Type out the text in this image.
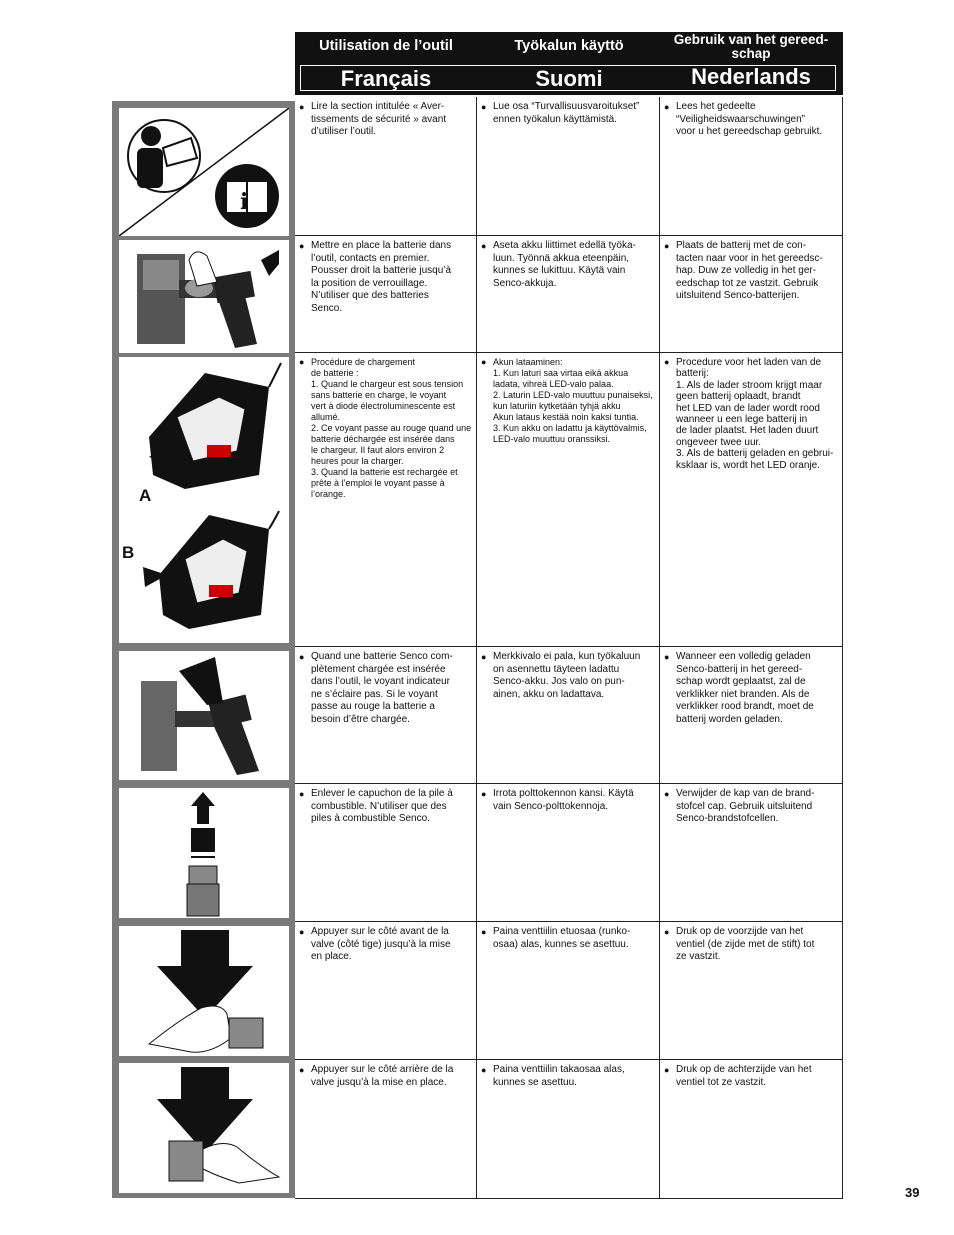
Utilisation de l’outil
Français
Työkalun käyttö
Suomi
Gebruik van het gereed-
schap
Nederlands
i
A
B
● Lire la section intitulée « Aver-
tissements de sécurité » avant
d’utiliser l’outil.
● Lue osa “Turvallisuusvaroitukset”
ennen työkalun käyttämistä.
● Lees het gedeelte
“Veiligheidswaarschuwingen”
voor u het gereedschap gebruikt.
● Mettre en place la batterie dans
l’outil, contacts en premier.
Pousser droit la batterie jusqu’à
la position de verrouillage.
N’utiliser que des batteries
Senco.
● Aseta akku liittimet edellä työka-
luun. Työnnä akkua eteenpäin,
kunnes se lukittuu. Käytä vain
Senco-akkuja.
● Plaats de batterij met de con-
tacten naar voor in het gereedsc-
hap. Duw ze volledig in het ger-
eedschap tot ze vastzit. Gebruik
uitsluitend Senco-batterijen.
● Procédure de chargement
de batterie :
1. Quand le chargeur est sous tension
sans batterie en charge, le voyant
vert à diode électroluminescente est
allumé.
2. Ce voyant passe au rouge quand une
batterie déchargée est insérée dans
le chargeur. Il faut alors environ 2
heures pour la charger.
3. Quand la batterie est rechargée et
prête à l’emploi le voyant passe à
l’orange.
● Akun lataaminen:
1. Kun laturi saa virtaa eikä akkua
ladata, vihreä LED-valo palaa.
2. Laturin LED-valo muuttuu punaiseksi,
kun laturiin kytketään tyhjä akku
Akun lataus kestää noin kaksi tuntia.
3. Kun akku on ladattu ja käyttövalmis,
LED-valo muuttuu oranssiksi.
● Procedure voor het laden van de
batterij:
1. Als de lader stroom krijgt maar
geen batterij oplaadt, brandt
het LED van de lader wordt rood
wanneer u een lege batterij in
de lader plaatst. Het laden duurt
ongeveer twee uur.
3. Als de batterij geladen en gebrui-
ksklaar is, wordt het LED oranje.
● Quand une batterie Senco com-
plètement chargée est insérée
dans l’outil, le voyant indicateur
ne s’éclaire pas. Si le voyant
passe au rouge la batterie a
besoin d’être chargée.
● Merkkivalo ei pala, kun työkaluun
on asennettu täyteen ladattu
Senco-akku. Jos valo on pun-
ainen, akku on ladattava.
● Wanneer een volledig geladen
Senco-batterij in het gereed-
schap wordt geplaatst, zal de
verklikker niet branden. Als de
verklikker rood brandt, moet de
batterij worden geladen.
● Enlever le capuchon de la pile à
combustible. N’utiliser que des
piles à combustible Senco.
● Irrota polttokennon kansi. Käytä
vain Senco-polttokennoja.
● Verwijder de kap van de brand-
stofcel cap. Gebruik uitsluitend
Senco-brandstofcellen.
● Appuyer sur le côté avant de la
valve (côté tige) jusqu’à la mise
en place.
● Paina venttiilin etuosaa (runko-
osaa) alas, kunnes se asettuu.
● Druk op de voorzijde van het
ventiel (de zijde met de stift) tot
ze vastzit.
● Appuyer sur le côté arrière de la
valve jusqu’à la mise en place.
● Paina venttiilin takaosaa alas,
kunnes se asettuu.
● Druk op de achterzijde van het
ventiel tot ze vastzit.
39
